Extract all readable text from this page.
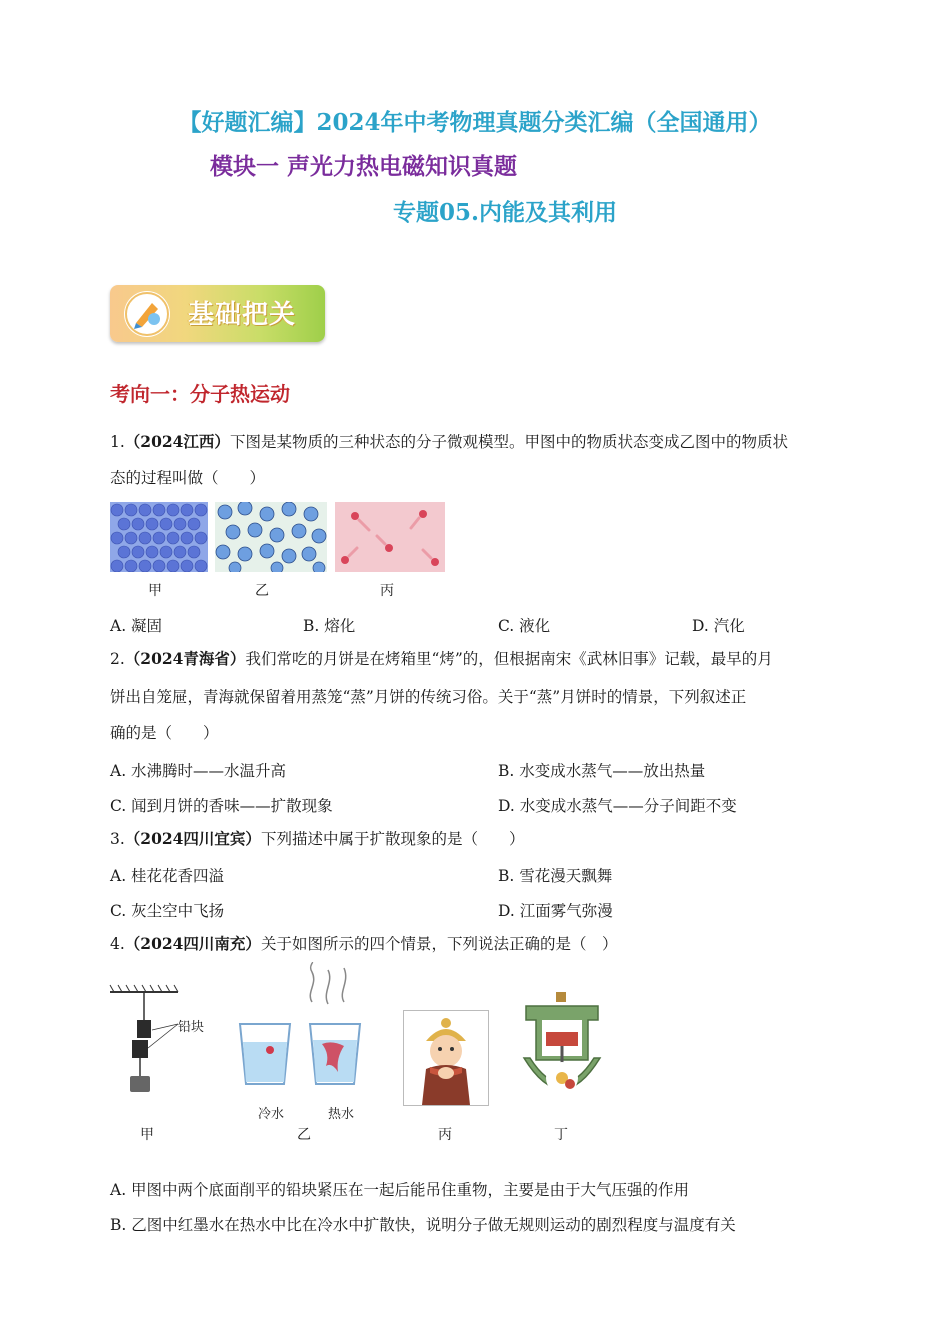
【好题汇编】2024年中考物理真题分类汇编（全国通用）
模块一 声光力热电磁知识真题
专题05.内能及其利用
基础把关
考向一：分子热运动
1.（2024江西）下图是某物质的三种状态的分子微观模型。甲图中的物质状态变成乙图中的物质状
态的过程叫做（　　）
甲	乙	丙
A. 凝固	B. 熔化	C. 液化	D. 汽化
2.（2024青海省）我们常吃的月饼是在烤箱里“烤”的，但根据南宋《武林旧事》记载，最早的月
饼出自笼屉，青海就保留着用蒸笼“蒸”月饼的传统习俗。关于“蒸”月饼时的情景，下列叙述正
确的是（　　）
A. 水沸腾时——水温升高	B. 水变成水蒸气——放出热量
C. 闻到月饼的香味——扩散现象	D. 水变成水蒸气——分子间距不变
3.（2024四川宜宾）下列描述中属于扩散现象的是（　　）
A. 桂花花香四溢	B. 雪花漫天飘舞
C. 灰尘空中飞扬	D. 江面雾气弥漫
4.（2024四川南充）关于如图所示的四个情景，下列说法正确的是（　）
铅块
冷水	热水
甲	乙	丙	丁
A. 甲图中两个底面削平的铅块紧压在一起后能吊住重物，主要是由于大气压强的作用
B. 乙图中红墨水在热水中比在冷水中扩散快，说明分子做无规则运动的剧烈程度与温度有关
